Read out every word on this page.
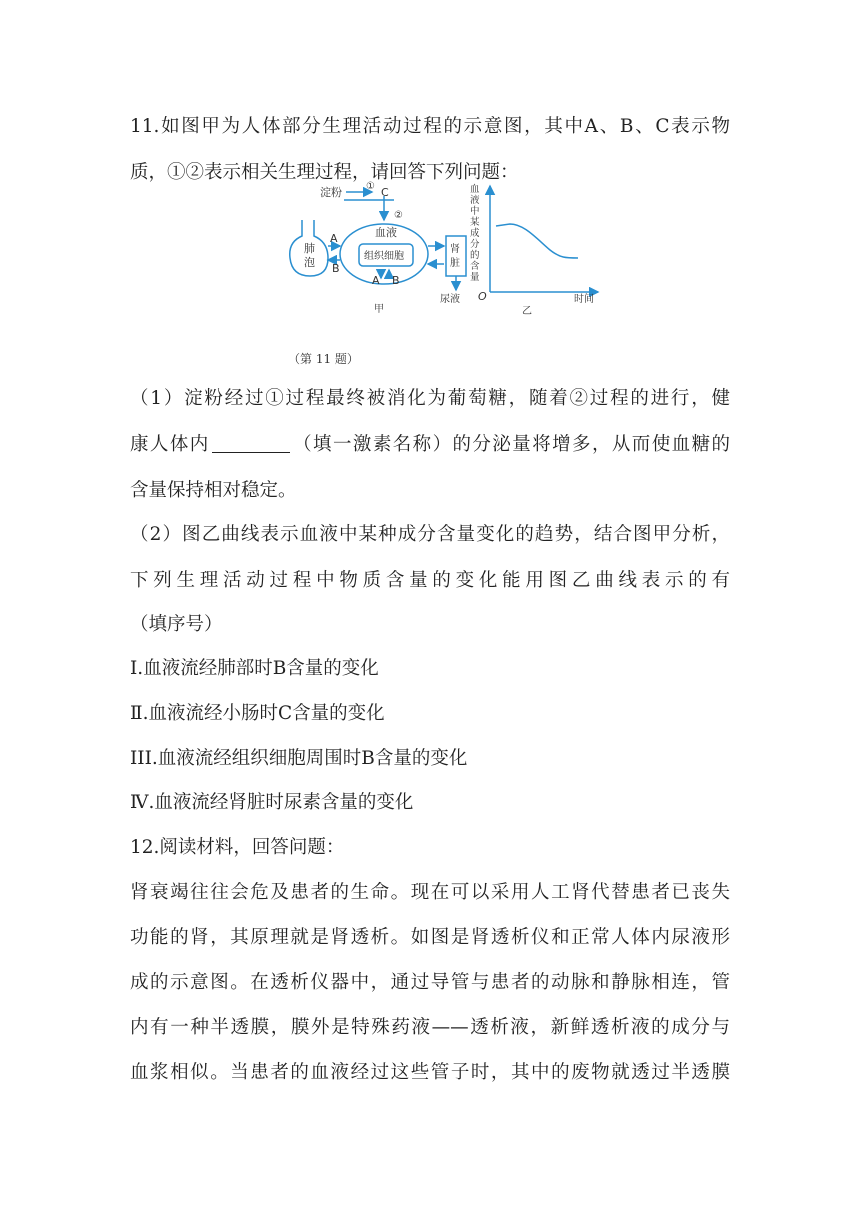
11.如图甲为人体部分生理活动过程的示意图，其中A、B、C表示物
质，①②表示相关生理过程，请回答下列问题：
淀粉 ① C
②
血液
肺
泡
A
B
组织细胞
A B
肾
脏
尿液
甲
血
液
中
某
成
分
的
含
量
O	时间
乙
（第 11 题）
（1）淀粉经过①过程最终被消化为葡萄糖，随着②过程的进行，健
康人体内	（填一激素名称）的分泌量将增多，从而使血糖的
含量保持相对稳定。
（2）图乙曲线表示血液中某种成分含量变化的趋势，结合图甲分析，
下列生理活动过程中物质含量的变化能用图乙曲线表示的有
（填序号）
Ⅰ.血液流经肺部时B含量的变化
Ⅱ.血液流经小肠时C含量的变化
III.血液流经组织细胞周围时B含量的变化
Ⅳ.血液流经肾脏时尿素含量的变化
12.阅读材料，回答问题：
肾衰竭往往会危及患者的生命。现在可以采用人工肾代替患者已丧失
功能的肾，其原理就是肾透析。如图是肾透析仪和正常人体内尿液形
成的示意图。在透析仪器中，通过导管与患者的动脉和静脉相连，管
内有一种半透膜，膜外是特殊药液——透析液，新鲜透析液的成分与
血浆相似。当患者的血液经过这些管子时，其中的废物就透过半透膜
